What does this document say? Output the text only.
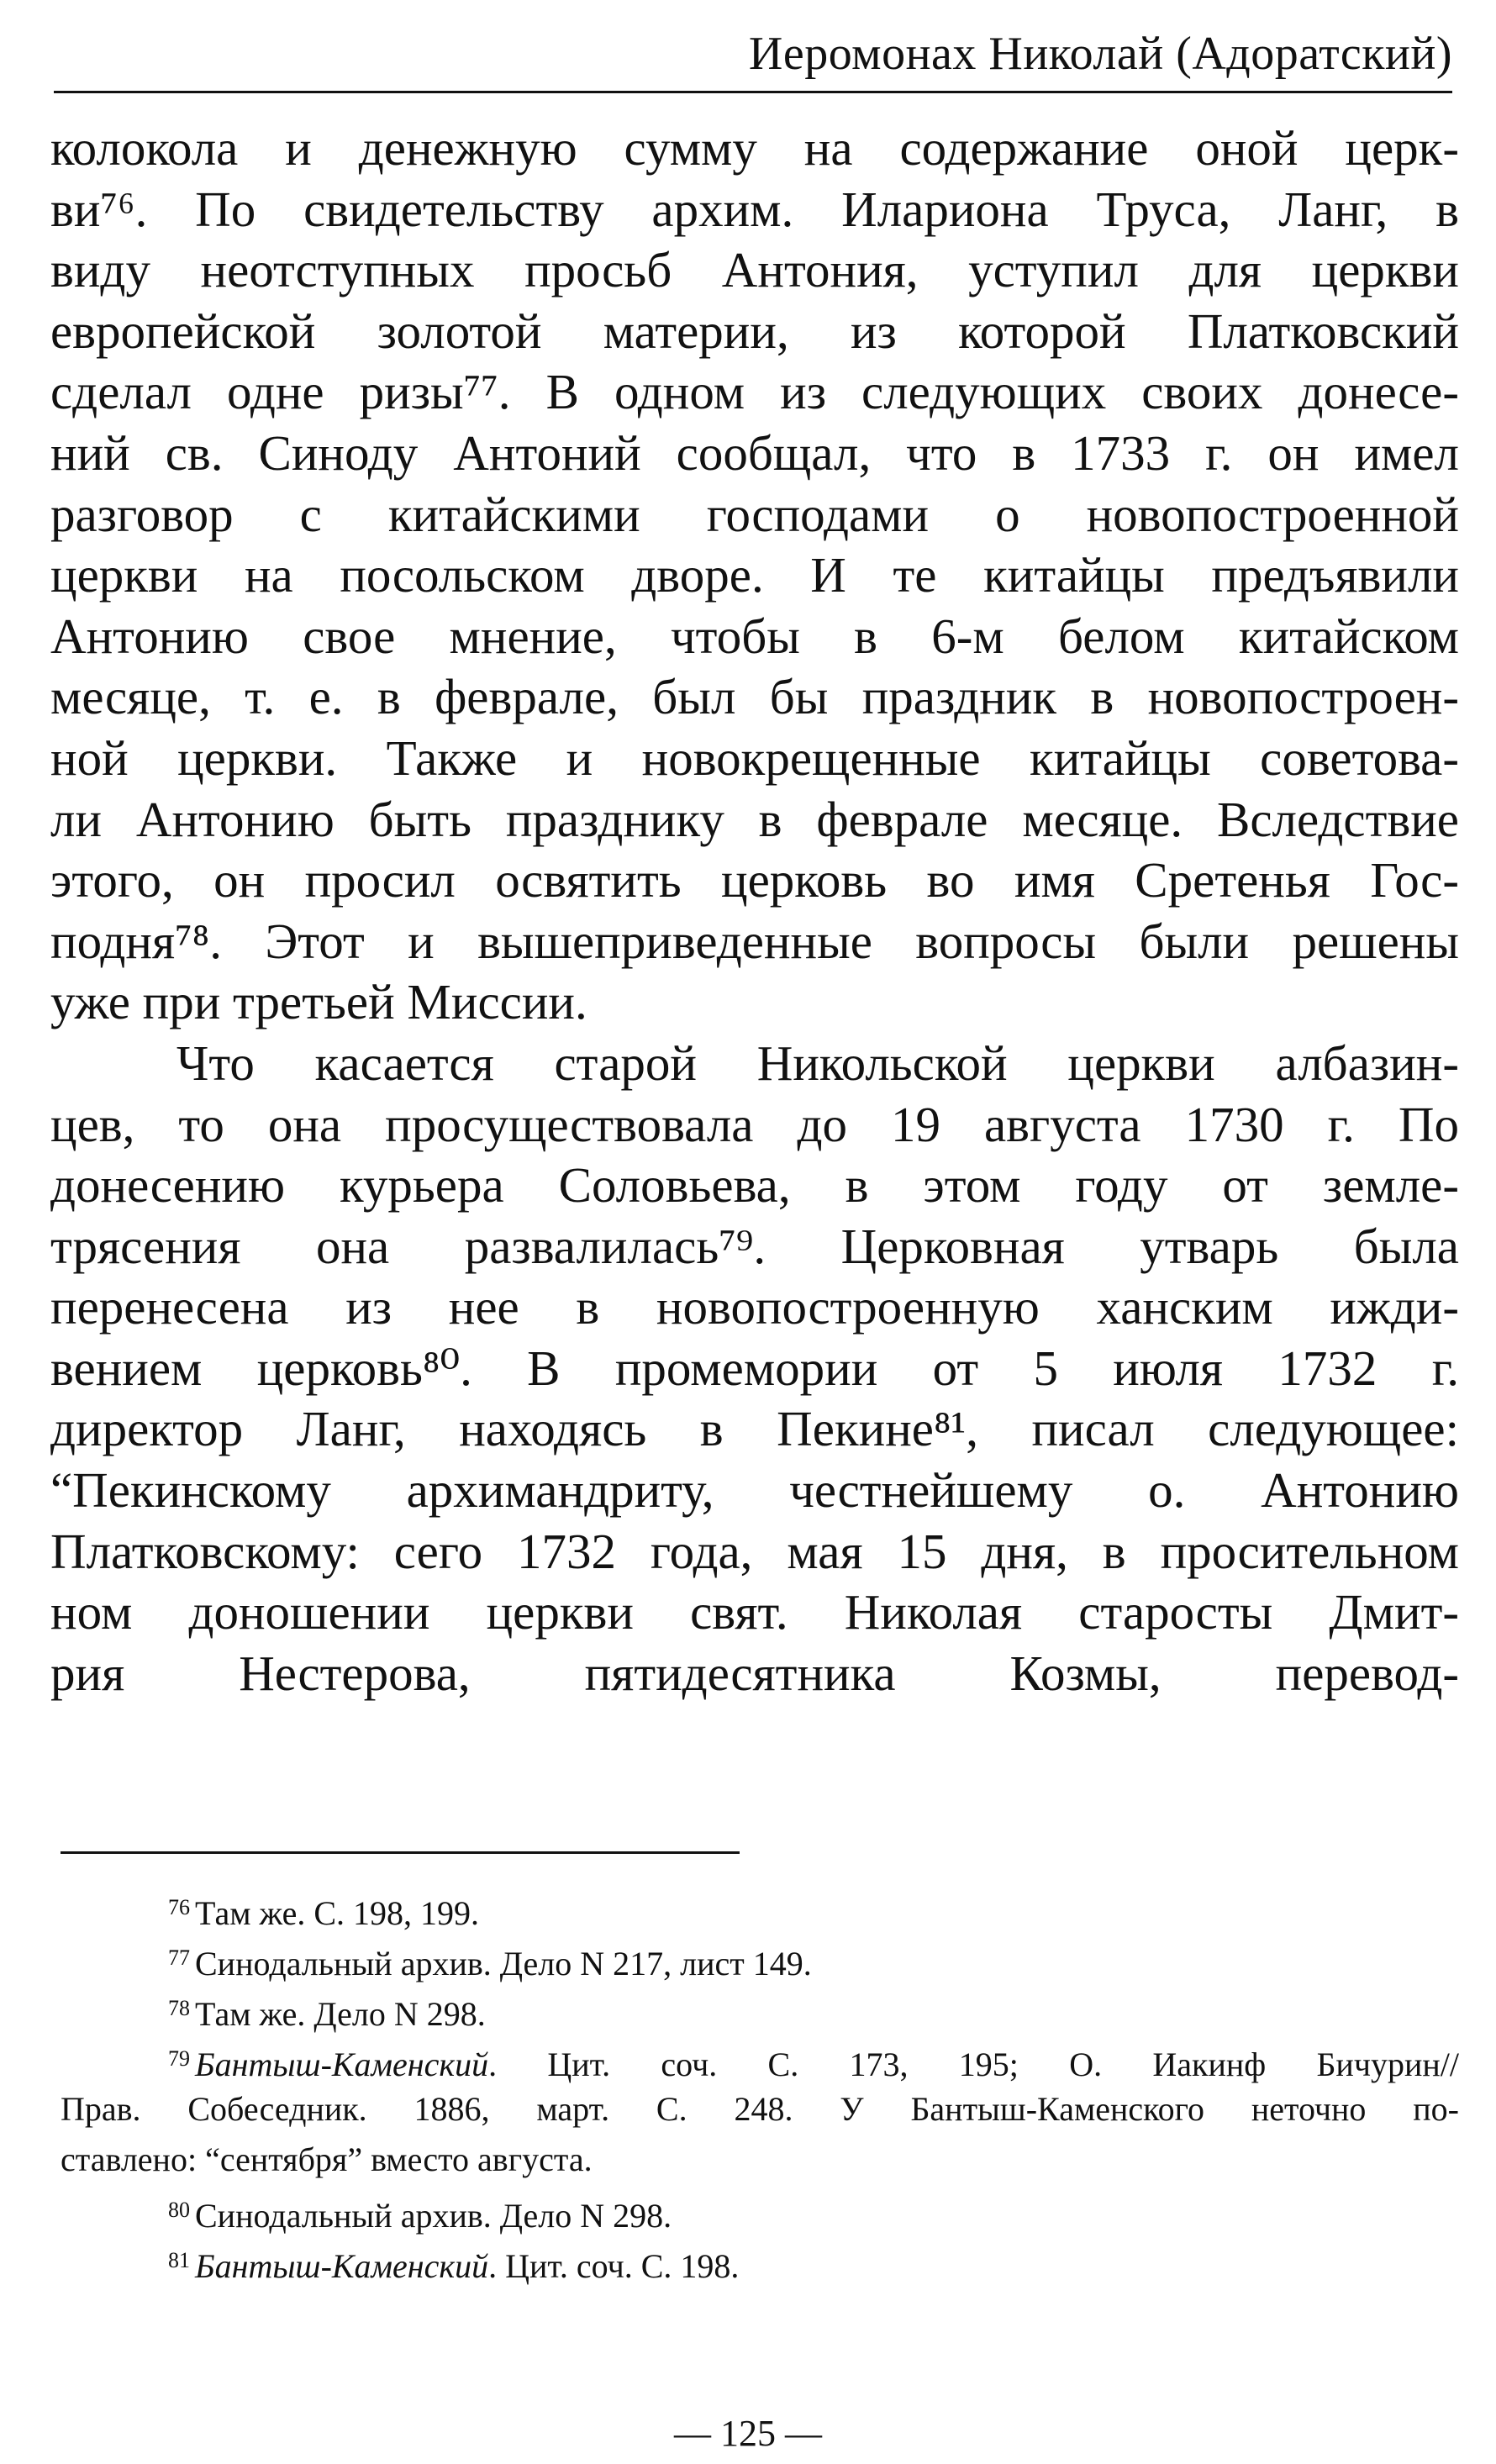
Иеромонах Николай (Адоратский)
колокола и денежную сумму на содержание оной церк-
ви⁷⁶. По свидетельству архим. Илариона Труса, Ланг, в
виду неотступных просьб Антония, уступил для церкви
европейской золотой материи, из которой Платковский
сделал одне ризы⁷⁷. В одном из следующих своих донесе-
ний св. Синоду Антоний сообщал, что в 1733 г. он имел
разговор с китайскими господами о новопостроенной
церкви на посольском дворе. И те китайцы предъявили
Антонию свое мнение, чтобы в 6-м белом китайском
месяце, т. е. в феврале, был бы праздник в новопостроен-
ной церкви. Также и новокрещенные китайцы советова-
ли Антонию быть празднику в феврале месяце. Вследствие
этого, он просил освятить церковь во имя Сретенья Гос-
подня⁷⁸. Этот и вышеприведенные вопросы были решены
уже при третьей Миссии.
Что касается старой Никольской церкви албазин-
цев, то она просуществовала до 19 августа 1730 г. По
донесению курьера Соловьева, в этом году от земле-
трясения она развалилась⁷⁹. Церковная утварь была
перенесена из нее в новопостроенную ханским ижди-
вением церковь⁸⁰. В промемории от 5 июля 1732 г.
директор Ланг, находясь в Пекине⁸¹, писал следующее:
“Пекинскому архимандриту, честнейшему о. Антонию
Платковскому: сего 1732 года, мая 15 дня, в просительном
ном доношении церкви свят. Николая старосты Дмит-
рия Нестерова, пятидесятника Козмы, перевод-
$^{76}$ Там же. С. 198, 199.
$^{77}$ Синодальный архив. Дело N 217, лист 149.
$^{78}$ Там же. Дело N 298.
$^{79}$ Бантыш-Каменский. Цит. соч. С. 173, 195; О. Иакинф Бичурин//
Прав. Собеседник. 1886, март. С. 248. У Бантыш-Каменского неточно по-
ставлено: “сентября” вместо августа.
$^{80}$ Синодальный архив. Дело N 298.
$^{81}$ Бантыш-Каменский. Цит. соч. С. 198.
— 125 —
